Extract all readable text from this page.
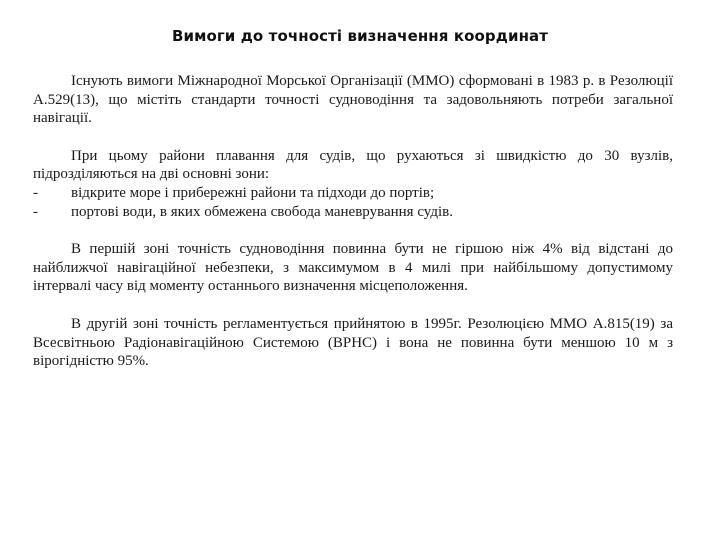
Вимоги до точності визначення координат

Існують вимоги Міжнародної Морської Організації (ММО) сформовані в 1983 р. в Резолюції А.529(13), що містіть стандарти точності судноводіння та задовольняють потреби загальної навігації.

При цьому райони плавання для судів, що рухаються зі швидкістю до 30 вузлів, підрозділяються на дві основні зони:

-	відкрите море і прибережні райони та підходи до портів;
-	портові води, в яких обмежена свобода маневрування судів.

В першій зоні точність судноводіння повинна бути не гіршою ніж 4% від відстані до найближчої навігаційної небезпеки, з максимумом в 4 милі при найбільшому допустимому інтервалі часу від моменту останнього визначення місцеположення.

В другій зоні точність регламентується прийнятою в 1995г. Резолюцією ММО А.815(19) за Всесвітньою Радіонавігаційною Системою (ВРНС) і вона не повинна бути меншою 10 м з вірогідністю 95%.
